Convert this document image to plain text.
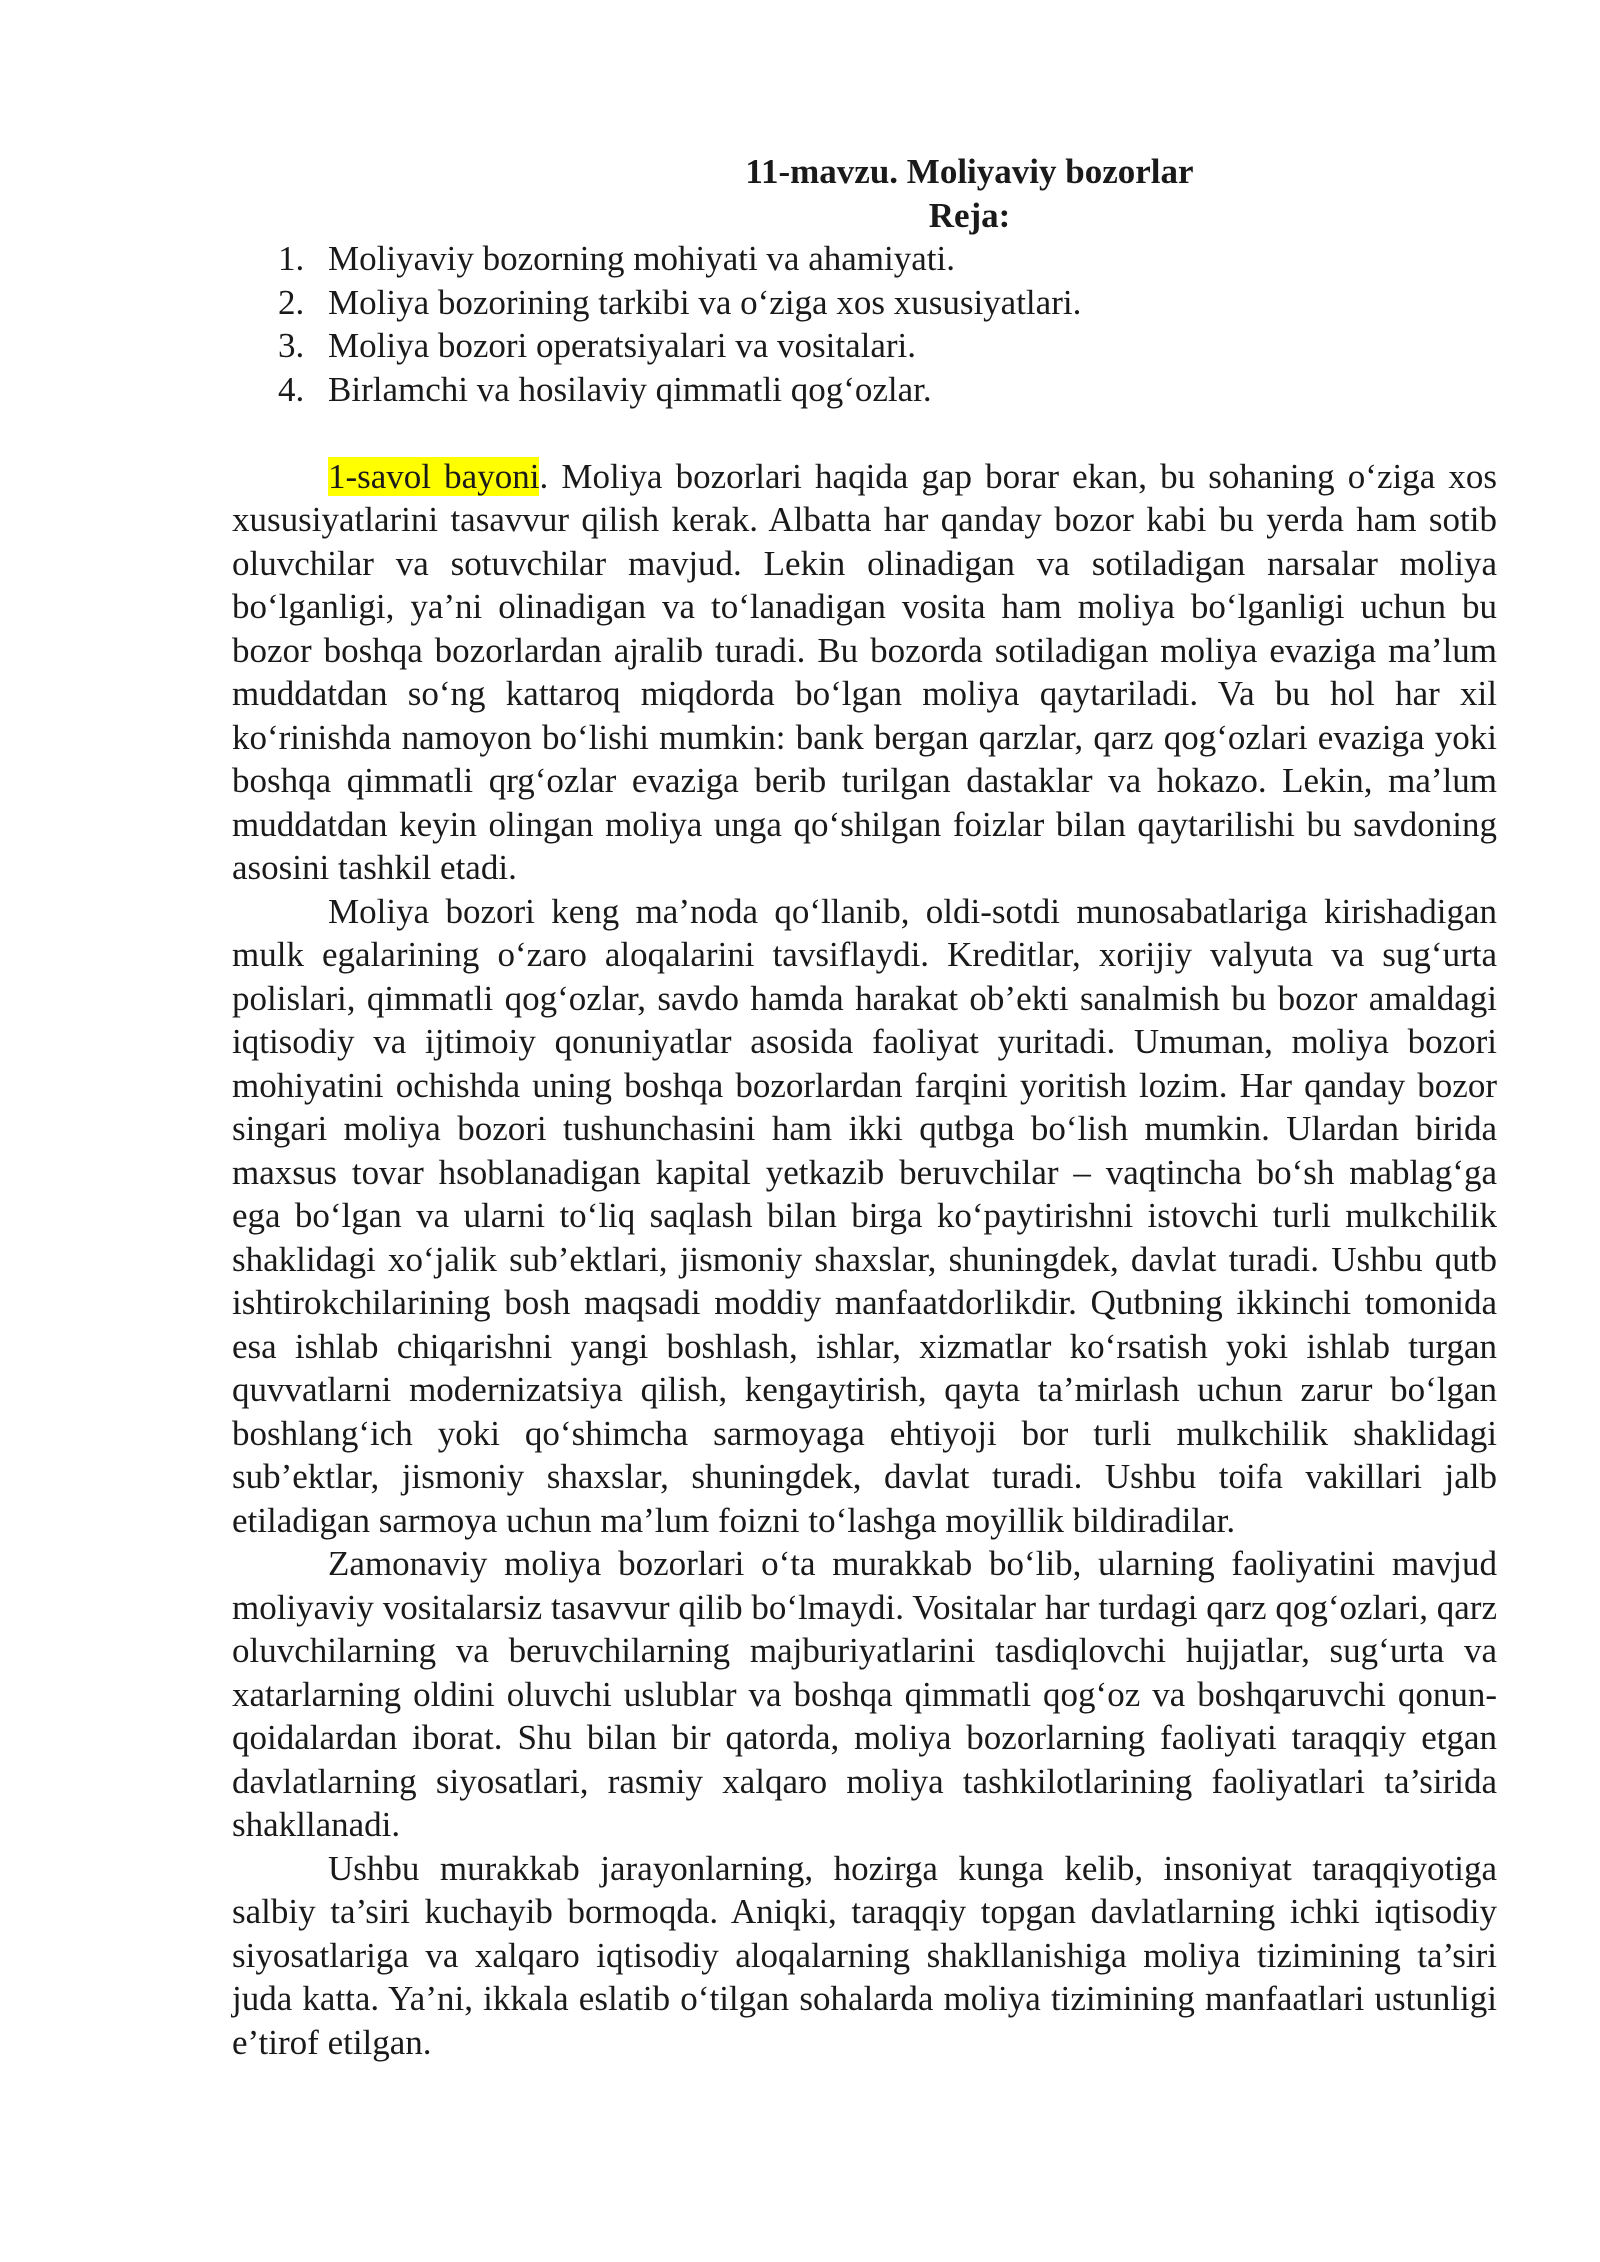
11-mavzu. Moliyaviy bozorlar
Reja:
1. Moliyaviy bozorning mohiyati va ahamiyati.
2. Moliya bozorining tarkibi va o‘ziga xos xususiyatlari.
3. Moliya bozori operatsiyalari va vositalari.
4. Birlamchi va hosilaviy qimmatli qog‘ozlar.

1-savol bayoni. Moliya bozorlari haqida gap borar ekan, bu sohaning o‘ziga xos xususiyatlarini tasavvur qilish kerak. Albatta har qanday bozor kabi bu yerda ham sotib oluvchilar va sotuvchilar mavjud. Lekin olinadigan va sotiladigan narsalar moliya bo‘lganligi, ya’ni olinadigan va to‘lanadigan vosita ham moliya bo‘lganligi uchun bu bozor boshqa bozorlardan ajralib turadi. Bu bozorda sotiladigan moliya evaziga ma’lum muddatdan so‘ng kattaroq miqdorda bo‘lgan moliya qaytariladi. Va bu hol har xil ko‘rinishda namoyon bo‘lishi mumkin: bank bergan qarzlar, qarz qog‘ozlari evaziga yoki boshqa qimmatli qrg‘ozlar evaziga berib turilgan dastaklar va hokazo. Lekin, ma’lum muddatdan keyin olingan moliya unga qo‘shilgan foizlar bilan qaytarilishi bu savdoning asosini tashkil etadi.

Moliya bozori keng ma’noda qo‘llanib, oldi-sotdi munosabatlariga kirishadigan mulk egalarining o‘zaro aloqalarini tavsiflaydi. Kreditlar, xorijiy valyuta va sug‘urta polislari, qimmatli qog‘ozlar, savdo hamda harakat ob’ekti sanalmish bu bozor amaldagi iqtisodiy va ijtimoiy qonuniyatlar asosida faoliyat yuritadi. Umuman, moliya bozori mohiyatini ochishda uning boshqa bozorlardan farqini yoritish lozim. Har qanday bozor singari moliya bozori tushunchasini ham ikki qutbga bo‘lish mumkin. Ulardan birida maxsus tovar hsoblanadigan kapital yetkazib beruvchilar – vaqtincha bo‘sh mablag‘ga ega bo‘lgan va ularni to‘liq saqlash bilan birga ko‘paytirishni istovchi turli mulkchilik shaklidagi xo‘jalik sub’ektlari, jismoniy shaxslar, shuningdek, davlat turadi. Ushbu qutb ishtirokchilarining bosh maqsadi moddiy manfaatdorlikdir. Qutbning ikkinchi tomonida esa ishlab chiqarishni yangi boshlash, ishlar, xizmatlar ko‘rsatish yoki ishlab turgan quvvatlarni modernizatsiya qilish, kengaytirish, qayta ta’mirlash uchun zarur bo‘lgan boshlang‘ich yoki qo‘shimcha sarmoyaga ehtiyoji bor turli mulkchilik shaklidagi sub’ektlar, jismoniy shaxslar, shuningdek, davlat turadi. Ushbu toifa vakillari jalb etiladigan sarmoya uchun ma’lum foizni to‘lashga moyillik bildiradilar.

Zamonaviy moliya bozorlari o‘ta murakkab bo‘lib, ularning faoliyatini mavjud moliyaviy vositalarsiz tasavvur qilib bo‘lmaydi. Vositalar har turdagi qarz qog‘ozlari, qarz oluvchilarning va beruvchilarning majburiyatlarini tasdiqlovchi hujjatlar, sug‘urta va xatarlarning oldini oluvchi uslublar va boshqa qimmatli qog‘oz va boshqaruvchi qonun-qoidalardan iborat. Shu bilan bir qatorda, moliya bozorlarning faoliyati taraqqiy etgan davlatlarning siyosatlari, rasmiy xalqaro moliya tashkilotlarining faoliyatlari ta’sirida shakllanadi.

Ushbu murakkab jarayonlarning, hozirga kunga kelib, insoniyat taraqqiyotiga salbiy ta’siri kuchayib bormoqda. Aniqki, taraqqiy topgan davlatlarning ichki iqtisodiy siyosatlariga va xalqaro iqtisodiy aloqalarning shakllanishiga moliya tizimining ta’siri juda katta. Ya’ni, ikkala eslatib o‘tilgan sohalarda moliya tizimining manfaatlari ustunligi e’tirof etilgan.
